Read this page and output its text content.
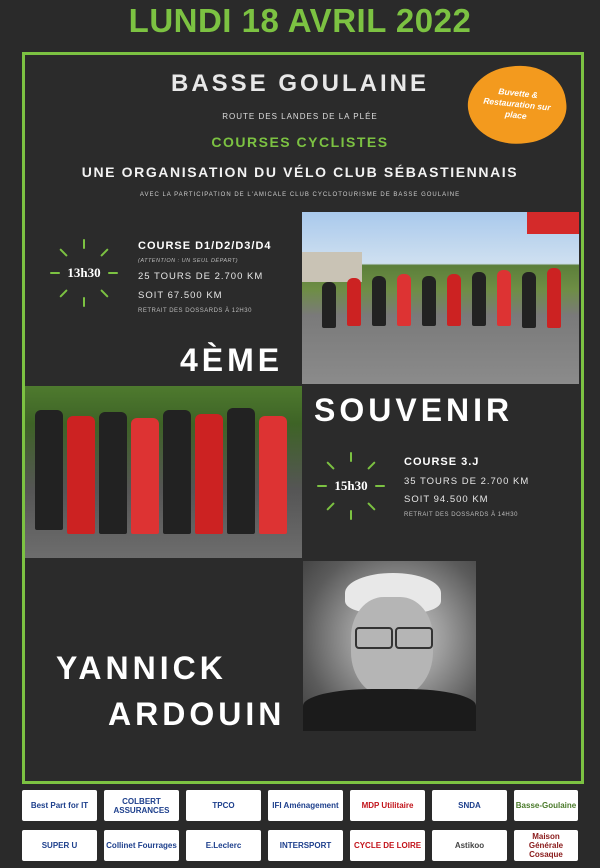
LUNDI 18 AVRIL 2022
BASSE GOULAINE
ROUTE DES LANDES DE LA PLÉE
COURSES CYCLISTES
UNE ORGANISATION DU VÉLO CLUB SÉBASTIENNAIS
AVEC LA PARTICIPATION DE L'AMICALE CLUB CYCLOTOURISME DE BASSE GOULAINE
Buvette & Restauration sur place
13h30
COURSE D1/D2/D3/D4
(ATTENTION : UN SEUL DÉPART)
25 TOURS DE 2.700 KM
SOIT 67.500 KM
RETRAIT DES DOSSARDS À 12H30
4ÈME
SOUVENIR
15h30
COURSE 3.J
35 TOURS DE 2.700 KM
SOIT 94.500 KM
RETRAIT DES DOSSARDS À 14H30
YANNICK
ARDOUIN
Best Part for IT	COLBERT ASSURANCES	TPCO	IFI Aménagement	MDP Utilitaire	SNDA	Basse-Goulaine
SUPER U	Collinet Fourrages	E.Leclerc	INTERSPORT	CYCLE DE LOIRE	Astikoo
Maison Générale Cosaque
